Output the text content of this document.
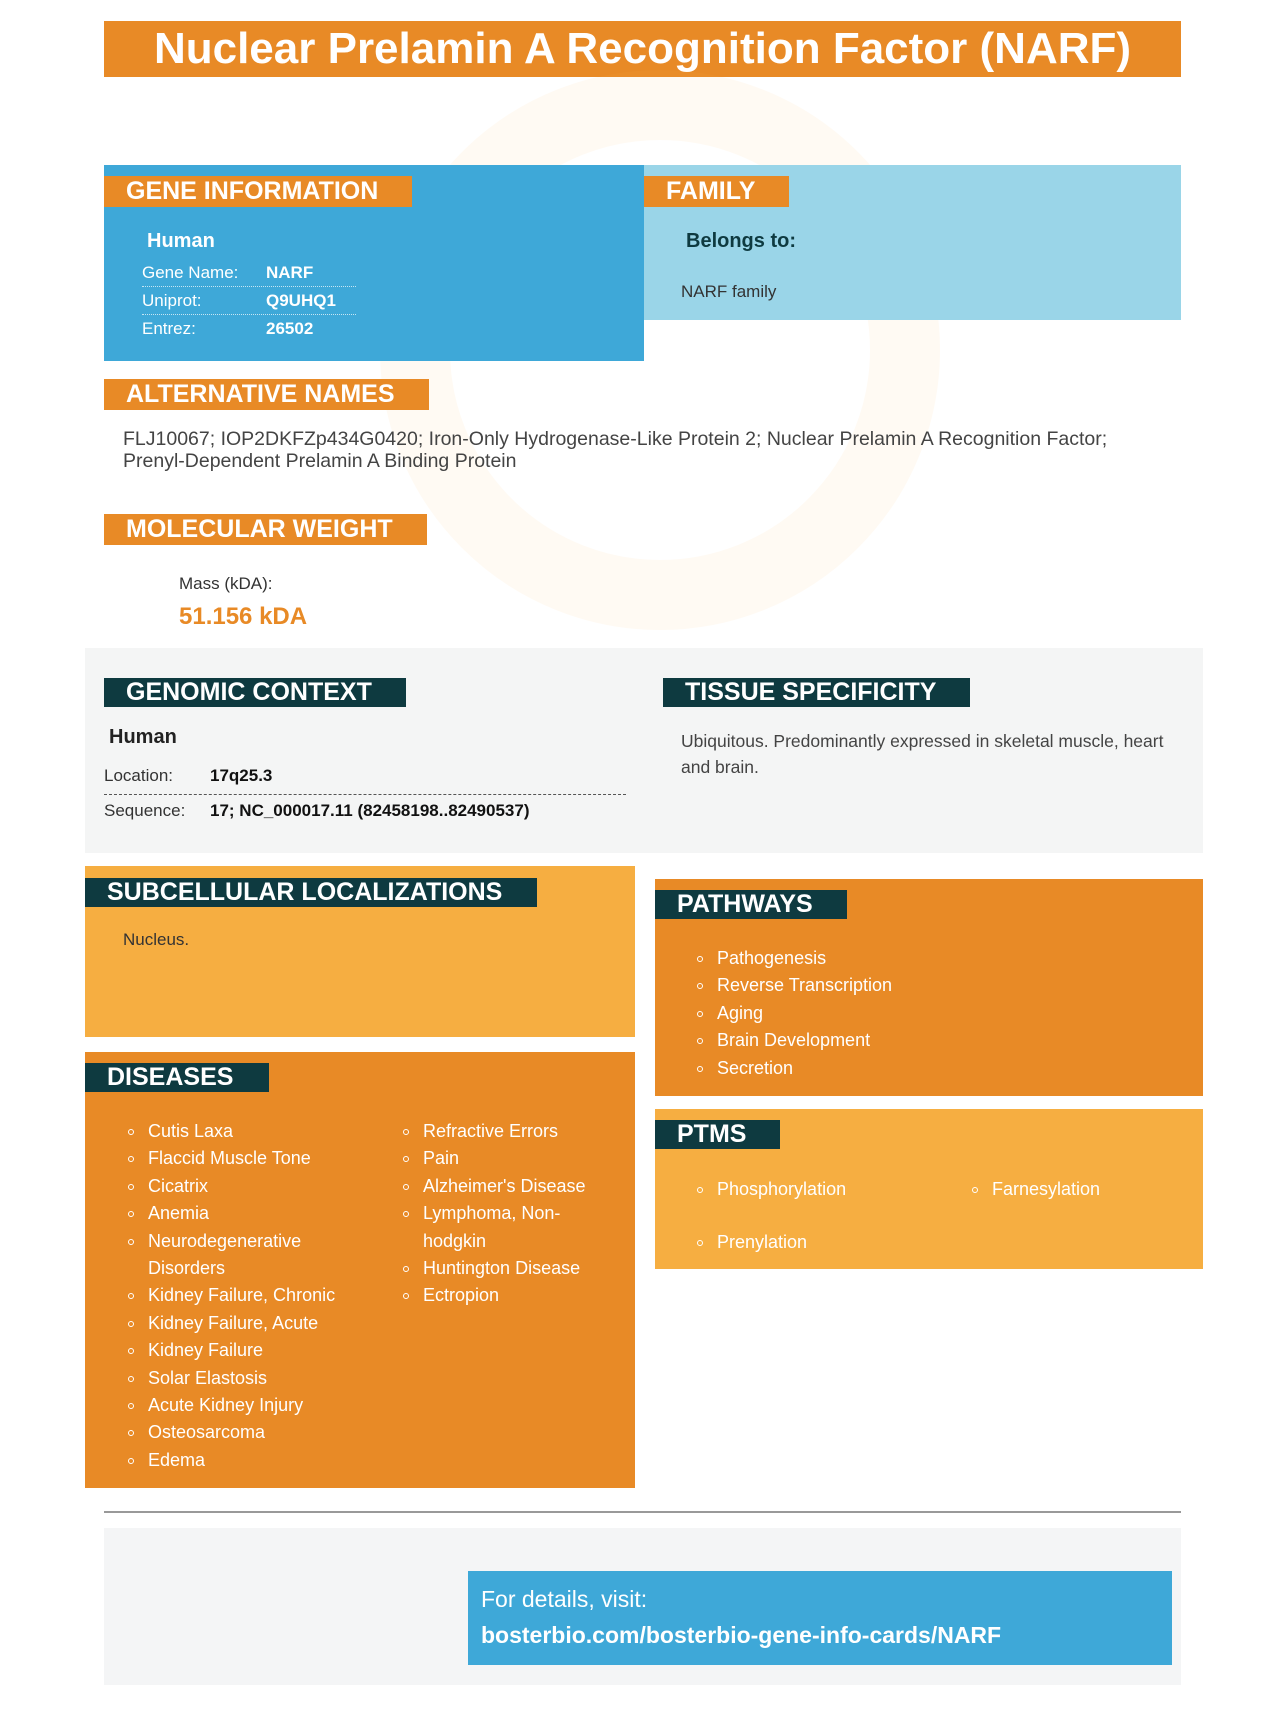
Nuclear Prelamin A Recognition Factor (NARF)
GENE INFORMATION
Human
Gene Name:	NARF
Uniprot:	Q9UHQ1
Entrez:	26502
FAMILY
Belongs to:
NARF family
ALTERNATIVE NAMES
FLJ10067; IOP2DKFZp434G0420; Iron-Only Hydrogenase-Like Protein 2; Nuclear Prelamin A Recognition Factor;
Prenyl-Dependent Prelamin A Binding Protein
MOLECULAR WEIGHT
Mass (kDA):
51.156 kDA
GENOMIC CONTEXT
Human
Location: 17q25.3
Sequence: 17; NC_000017.11 (82458198..82490537)
TISSUE SPECIFICITY
Ubiquitous. Predominantly expressed in skeletal muscle, heart
and brain.
SUBCELLULAR LOCALIZATIONS
Nucleus.
PATHWAYS
Pathogenesis
Reverse Transcription
Aging
Brain Development
Secretion
DISEASES
Cutis Laxa
Flaccid Muscle Tone
Cicatrix
Anemia
Neurodegenerative
Disorders
Kidney Failure, Chronic
Kidney Failure, Acute
Kidney Failure
Solar Elastosis
Acute Kidney Injury
Osteosarcoma
Edema
Refractive Errors
Pain
Alzheimer's Disease
Lymphoma, Non-
hodgkin
Huntington Disease
Ectropion
PTMS
Phosphorylation
Prenylation
Farnesylation
For details, visit:
bosterbio.com/bosterbio-gene-info-cards/NARF
